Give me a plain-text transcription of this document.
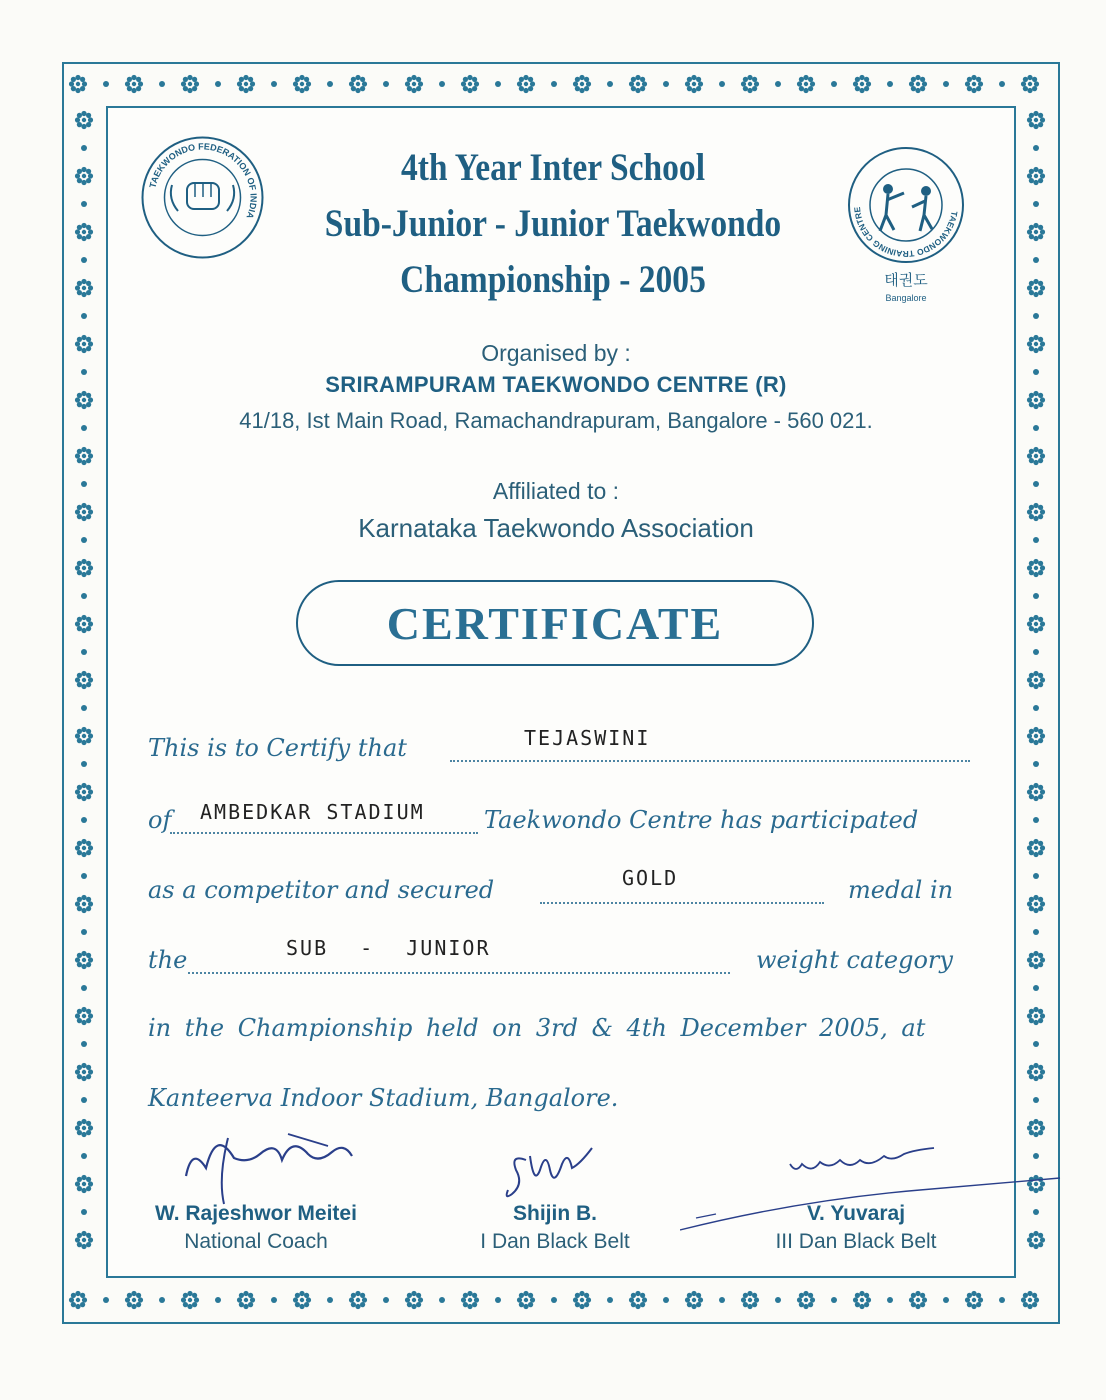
TAEKWONDO FEDERATION OF INDIA	TAEKWONDO TRAINING CENTRE
태권도
Bangalore
4th Year Inter School
Sub-Junior - Junior Taekwondo
Championship - 2005
Organised by :
SRIRAMPURAM TAEKWONDO CENTRE (R)
41/18, Ist Main Road, Ramachandrapuram, Bangalore - 560 021.
Affiliated to :
Karnataka Taekwondo Association
CERTIFICATE
This is to Certify that	TEJASWINI
of	AMBEDKAR STADIUM Taekwondo Centre has participated
as a competitor and secured	GOLD	medal in
the	SUB - JUNIOR	weight category
in the Championship held on 3rd & 4th December 2005, at
Kanteerva Indoor Stadium, Bangalore.
W. Rajeshwor Meitei
National Coach
Shijin B.
I Dan Black Belt
V. Yuvaraj
III Dan Black Belt
